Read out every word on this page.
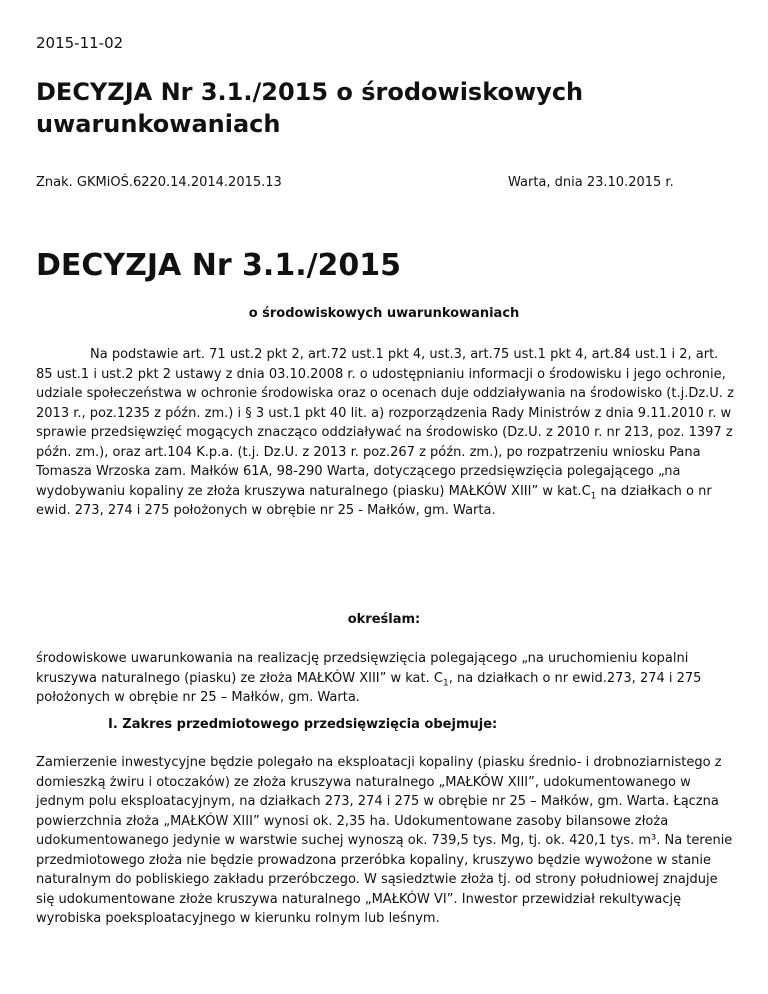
2015-11-02
DECYZJA Nr 3.1./2015 o środowiskowych uwarunkowaniach
Znak. GKMiOŚ.6220.14.2014.2015.13	Warta, dnia 23.10.2015 r.
DECYZJA Nr 3.1./2015
o środowiskowych uwarunkowaniach

Na podstawie art. 71 ust.2 pkt 2, art.72 ust.1 pkt 4, ust.3, art.75 ust.1 pkt 4, art.84 ust.1 i 2, art. 85 ust.1 i ust.2 pkt 2 ustawy z dnia 03.10.2008 r. o udostępnianiu informacji o środowisku i jego ochronie, udziale społeczeństwa w ochronie środowiska oraz o ocenach duje oddziaływania na środowisko (t.j.Dz.U. z 2013 r., poz.1235 z późn. zm.) i § 3 ust.1 pkt 40 lit. a) rozporządzenia Rady Ministrów z dnia 9.11.2010 r. w sprawie przedsięwzięć mogących znacząco oddziaływać na środowisko (Dz.U. z 2010 r. nr 213, poz. 1397 z późn. zm.), oraz art.104 K.p.a. (t.j. Dz.U. z 2013 r. poz.267 z późn. zm.), po rozpatrzeniu wniosku Pana Tomasza Wrzoska zam. Małków 61A, 98-290 Warta, dotyczącego przedsięwzięcia polegającego „na wydobywaniu kopaliny ze złoża kruszywa naturalnego (piasku) MAŁKÓW XIII” w $kat.C_1$ na działkach o nr ewid. 273, 274 i 275 położonych w obrębie nr 25 - Małków, gm. Warta.

określam:

środowiskowe uwarunkowania na realizację przedsięwzięcia polegającego „na uruchomieniu kopalni kruszywa naturalnego (piasku) ze złoża MAŁKÓW XIII” w kat. $C_1$, na działkach o nr ewid.273, 274 i 275 położonych w obrębie nr 25 – Małków, gm. Warta.

I. Zakres przedmiotowego przedsięwzięcia obejmuje:

Zamierzenie inwestycyjne będzie polegało na eksploatacji kopaliny (piasku średnio- i drobnoziarnistego z domieszką żwiru i otoczaków) ze złoża kruszywa naturalnego „MAŁKÓW XIII”, udokumentowanego w jednym polu eksploatacyjnym, na działkach 273, 274 i 275 w obrębie nr 25 – Małków, gm. Warta. Łączna powierzchnia złoża „MAŁKÓW XIII” wynosi ok. 2,35 ha. Udokumentowane zasoby bilansowe złoża udokumentowanego jedynie w warstwie suchej wynoszą ok. 739,5 tys. Mg, tj. ok. 420,1 tys. m³. Na terenie przedmiotowego złoża nie będzie prowadzona przeróbka kopaliny, kruszywo będzie wywożone w stanie naturalnym do pobliskiego zakładu przeróbczego. W sąsiedztwie złoża tj. od strony południowej znajduje się udokumentowane złoże kruszywa naturalnego „MAŁKÓW VI”. Inwestor przewidział rekultywację wyrobiska poeksploatacyjnego w kierunku rolnym lub leśnym.
